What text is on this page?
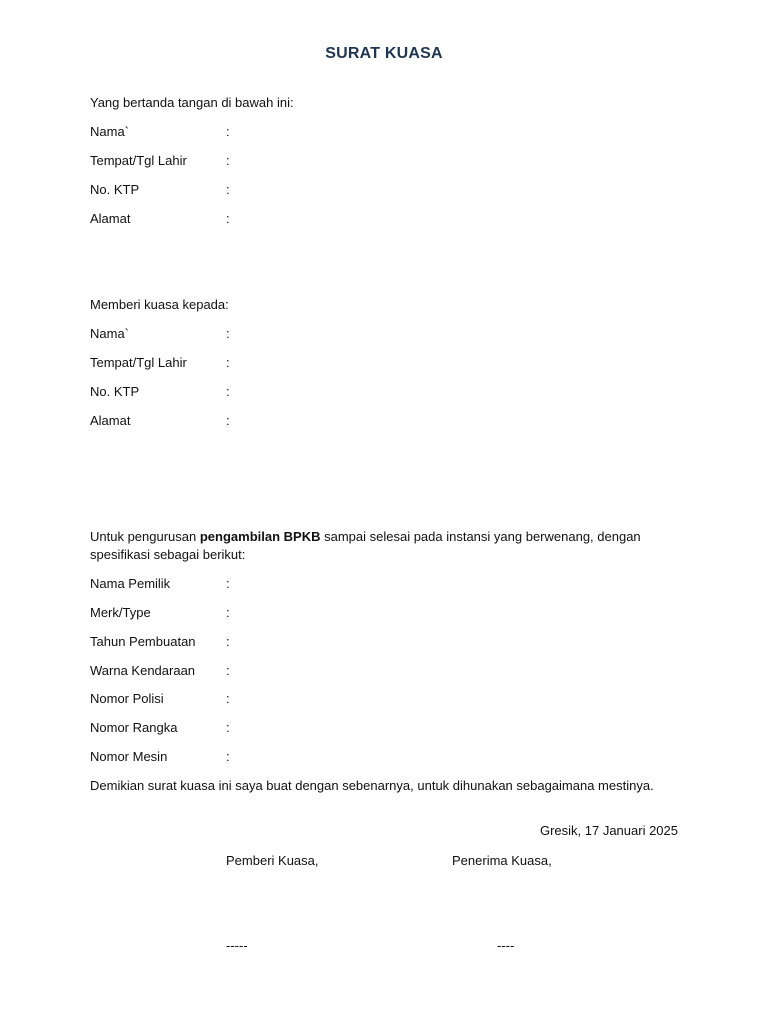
SURAT KUASA
Yang bertanda tangan di bawah ini:
Nama`	:
Tempat/Tgl Lahir	:
No. KTP	:
Alamat	:
Memberi kuasa kepada:
Nama`	:
Tempat/Tgl Lahir	:
No. KTP	:
Alamat	:
Untuk pengurusan pengambilan BPKB sampai selesai pada instansi yang berwenang, dengan spesifikasi sebagai berikut:
Nama Pemilik	:
Merk/Type	:
Tahun Pembuatan :
Warna Kendaraan :
Nomor Polisi	:
Nomor Rangka	:
Nomor Mesin	:
Demikian surat kuasa ini saya buat dengan sebenarnya, untuk dihunakan sebagaimana mestinya.
Gresik, 17 Januari 2025
Pemberi Kuasa,	Penerima Kuasa,
-----	----
